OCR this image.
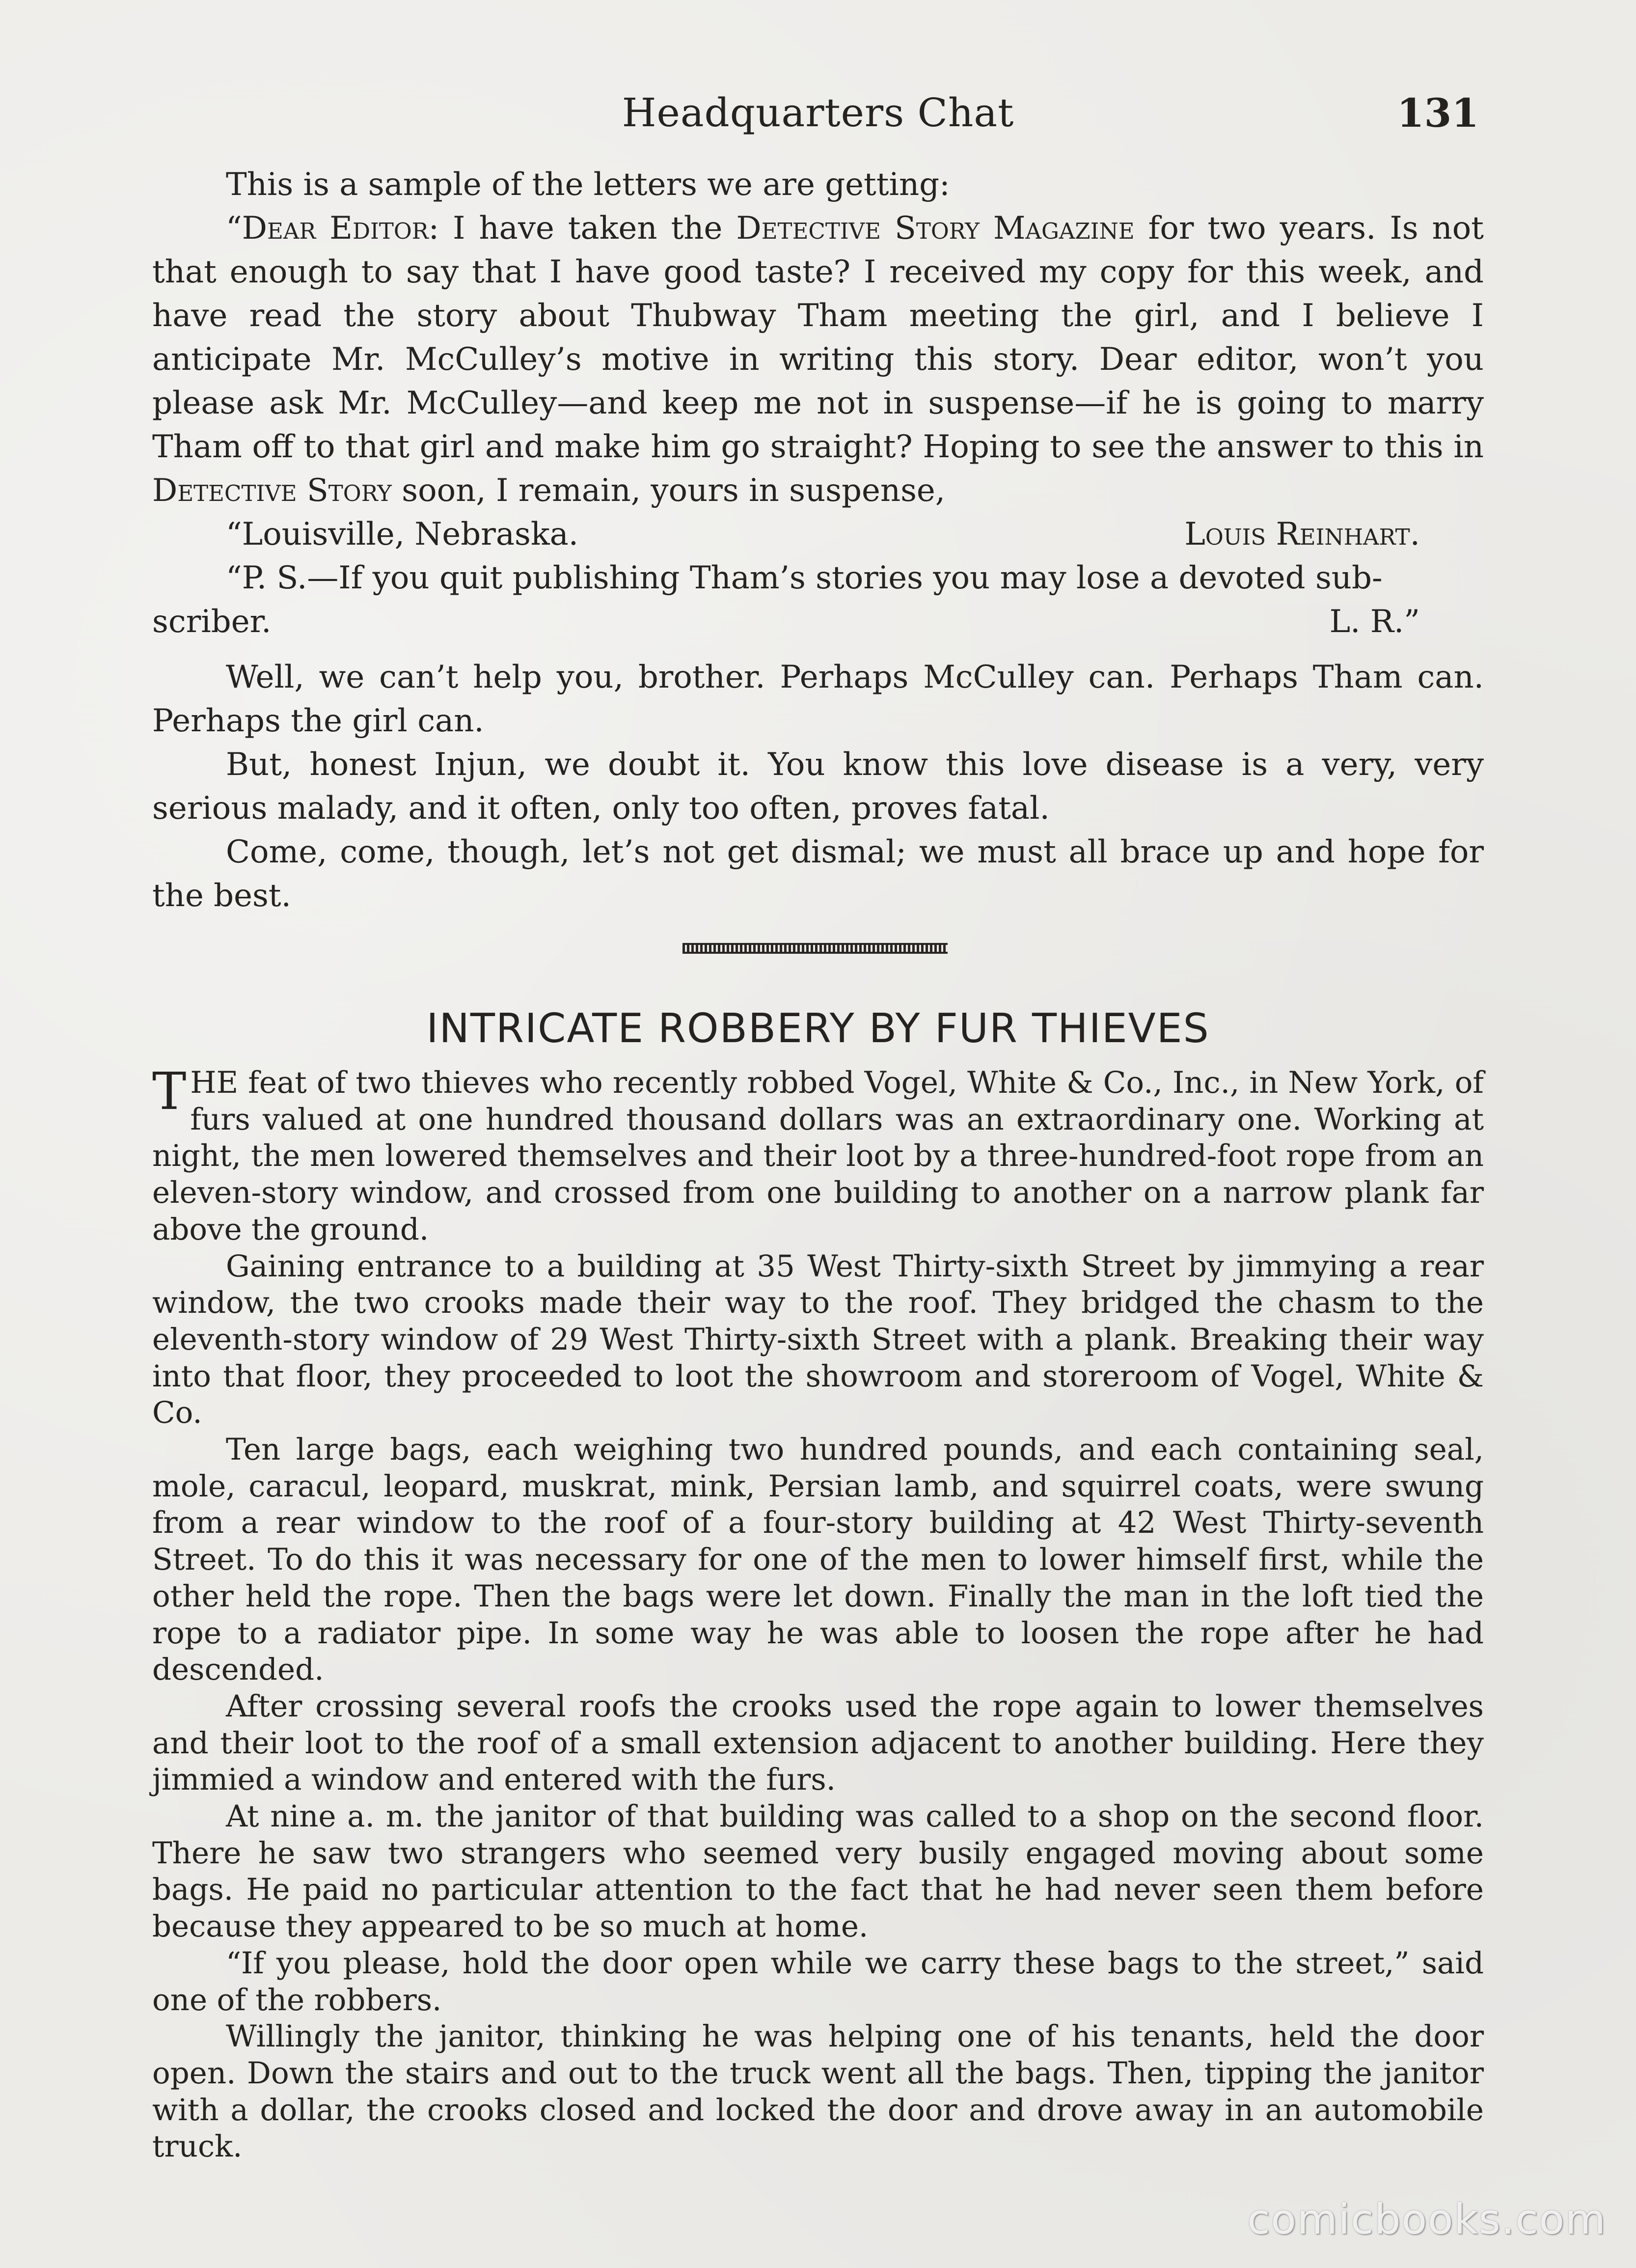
Headquarters Chat	131

This is a sample of the letters we are getting:

“Dear Editor: I have taken the Detective Story Magazine for two years. Is not that enough to say that I have good taste? I received my copy for this week, and have read the story about Thubway Tham meeting the girl, and I believe I anticipate Mr. McCulley’s motive in writing this story. Dear editor, won’t you please ask Mr. McCulley—and keep me not in suspense—if he is going to marry Tham off to that girl and make him go straight? Hoping to see the answer to this in Detective Story soon, I remain, yours in suspense,

“Louisville, Nebraska.	Louis Reinhart.

“P. S.—If you quit publishing Tham’s stories you may lose a devoted sub-

scriber.	L. R.”

Well, we can’t help you, brother. Perhaps McCulley can. Perhaps Tham can. Perhaps the girl can.

But, honest Injun, we doubt it. You know this love disease is a very, very serious malady, and it often, only too often, proves fatal.

Come, come, though, let’s not get dismal; we must all brace up and hope for the best.

INTRICATE ROBBERY BY FUR THIEVES

THE feat of two thieves who recently robbed Vogel, White & Co., Inc., in New York, of furs valued at one hundred thousand dollars was an extraordinary one. Working at night, the men lowered themselves and their loot by a three-hundred-foot rope from an eleven-story window, and crossed from one building to another on a narrow plank far above the ground.

Gaining entrance to a building at 35 West Thirty-sixth Street by jimmying a rear window, the two crooks made their way to the roof. They bridged the chasm to the eleventh-story window of 29 West Thirty-sixth Street with a plank. Breaking their way into that floor, they proceeded to loot the showroom and storeroom of Vogel, White & Co.

Ten large bags, each weighing two hundred pounds, and each containing seal, mole, caracul, leopard, muskrat, mink, Persian lamb, and squirrel coats, were swung from a rear window to the roof of a four-story building at 42 West Thirty-seventh Street. To do this it was necessary for one of the men to lower himself first, while the other held the rope. Then the bags were let down. Finally the man in the loft tied the rope to a radiator pipe. In some way he was able to loosen the rope after he had descended.

After crossing several roofs the crooks used the rope again to lower themselves and their loot to the roof of a small extension adjacent to another building. Here they jimmied a window and entered with the furs.

At nine a. m. the janitor of that building was called to a shop on the second floor. There he saw two strangers who seemed very busily engaged moving about some bags. He paid no particular attention to the fact that he had never seen them before because they appeared to be so much at home.

“If you please, hold the door open while we carry these bags to the street,” said one of the robbers.

Willingly the janitor, thinking he was helping one of his tenants, held the door open. Down the stairs and out to the truck went all the bags. Then, tipping the janitor with a dollar, the crooks closed and locked the door and drove away in an automobile truck.

comicbooks.com
